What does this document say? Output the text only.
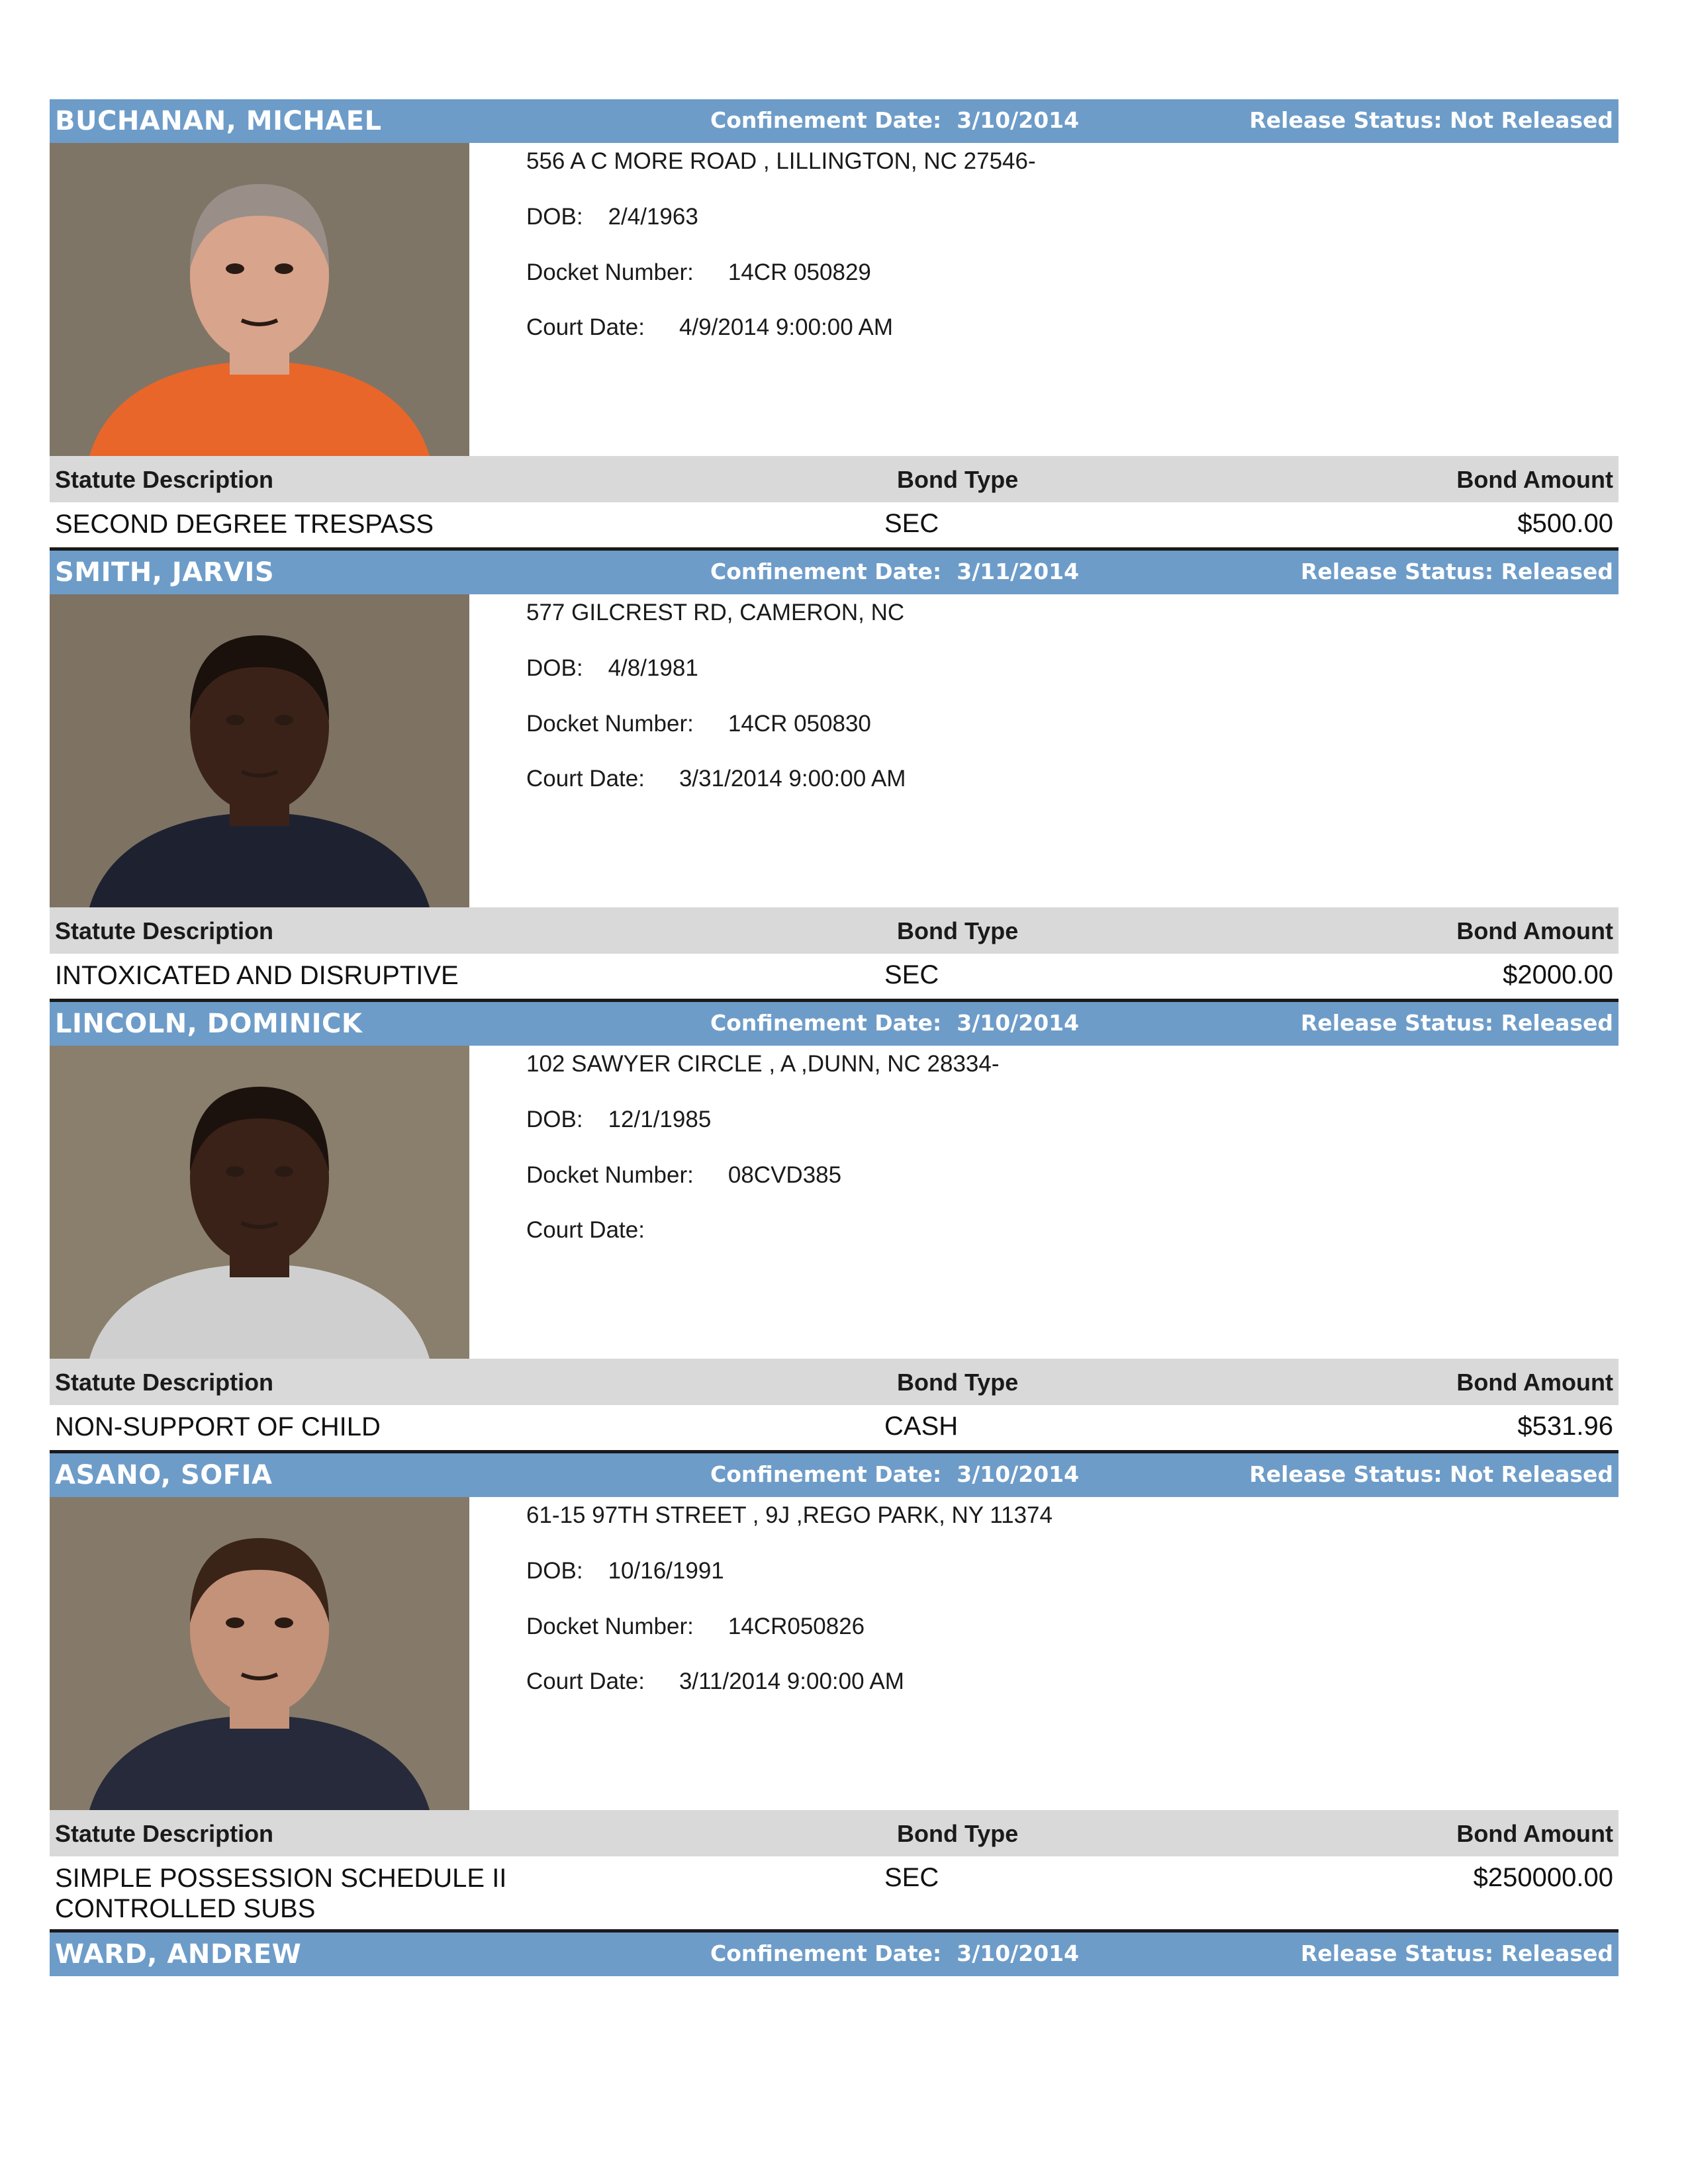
BUCHANAN, MICHAEL	Confinement Date: 3/10/2014	Release Status: Not Released
556 A C MORE ROAD , LILLINGTON, NC 27546-
DOB: 2/4/1963
Docket Number: 14CR 050829
Court Date: 4/9/2014 9:00:00 AM
Statute Description	Bond Type	Bond Amount
SECOND DEGREE TRESPASS	SEC	$500.00
SMITH, JARVIS	Confinement Date: 3/11/2014	Release Status: Released
577 GILCREST RD, CAMERON, NC
DOB: 4/8/1981
Docket Number: 14CR 050830
Court Date: 3/31/2014 9:00:00 AM
Statute Description	Bond Type	Bond Amount
INTOXICATED AND DISRUPTIVE	SEC	$2000.00
LINCOLN, DOMINICK	Confinement Date: 3/10/2014	Release Status: Released
102 SAWYER CIRCLE , A ,DUNN, NC 28334-
DOB: 12/1/1985
Docket Number: 08CVD385
Court Date:
Statute Description	Bond Type	Bond Amount
NON-SUPPORT OF CHILD	CASH	$531.96
ASANO, SOFIA	Confinement Date: 3/10/2014	Release Status: Not Released
61-15 97TH STREET , 9J ,REGO PARK, NY 11374
DOB: 10/16/1991
Docket Number: 14CR050826
Court Date: 3/11/2014 9:00:00 AM
Statute Description	Bond Type	Bond Amount
SIMPLE POSSESSION SCHEDULE II CONTROLLED SUBS
SEC	$250000.00
WARD, ANDREW	Confinement Date: 3/10/2014	Release Status: Released
